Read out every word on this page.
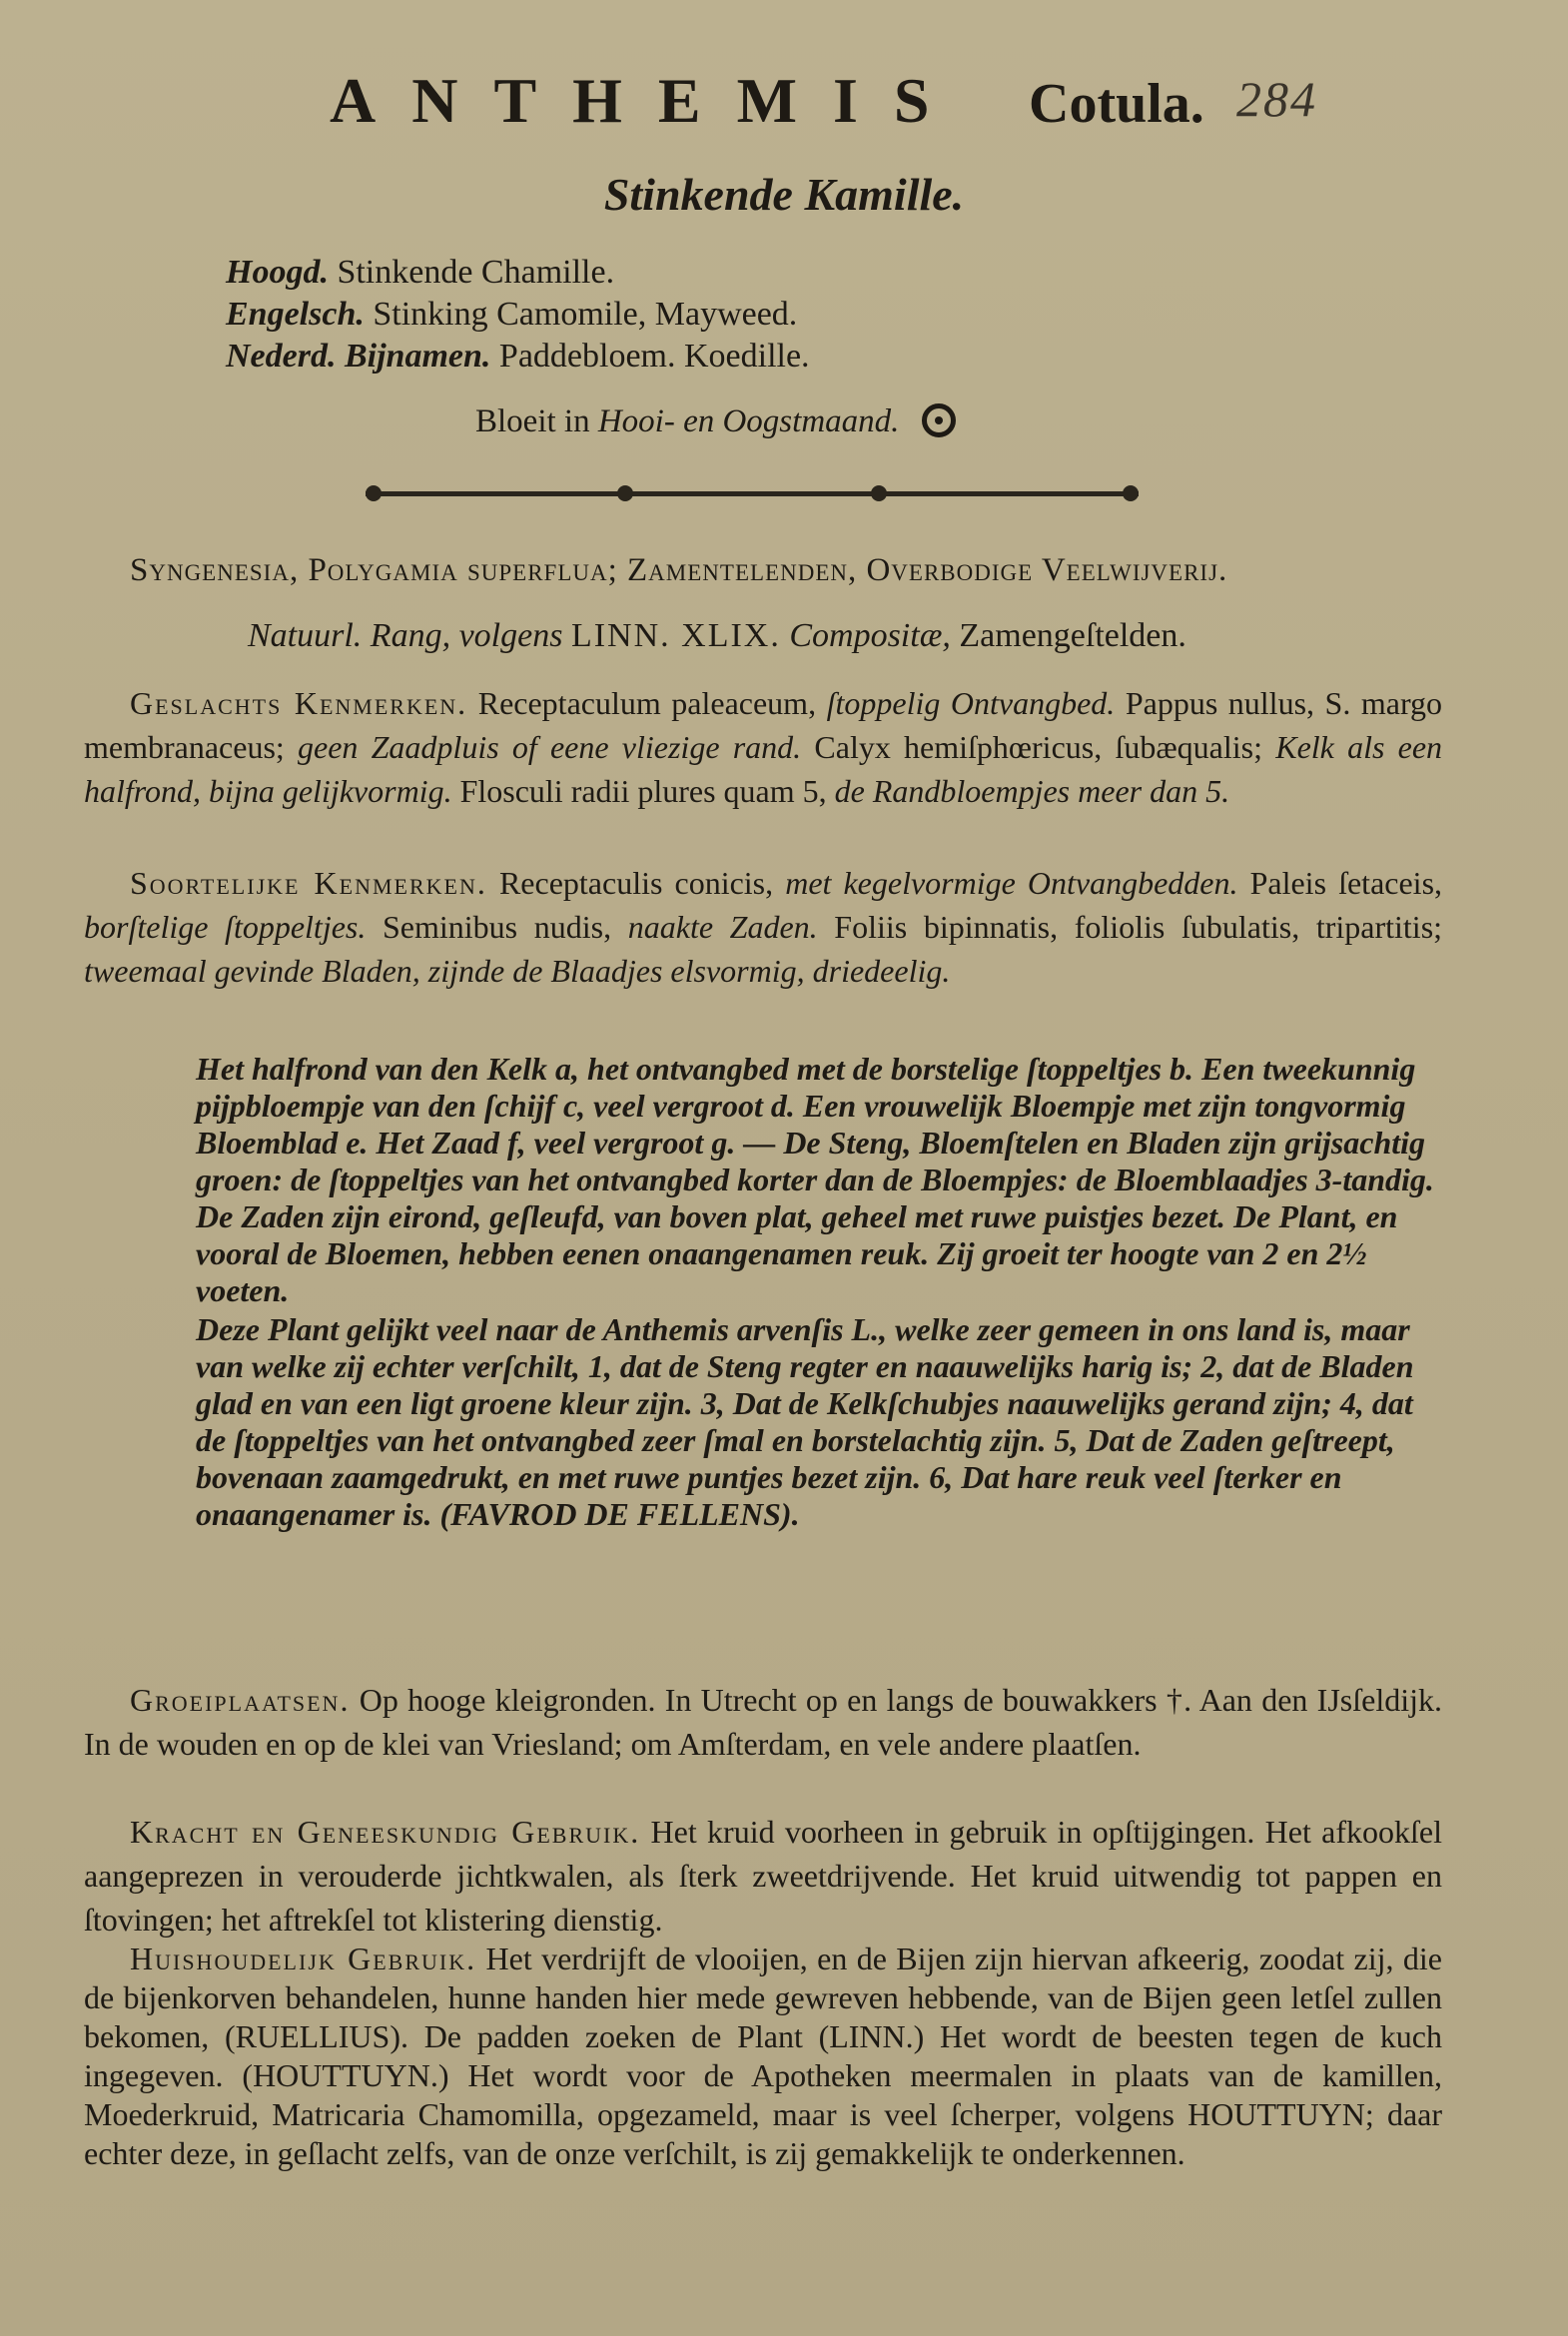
ANTHEMIS Cotula. 284
Stinkende Kamille.
Hoogd. Stinkende Chamille.
Engelsch. Stinking Camomile, Mayweed.
Nederd. Bijnamen. Paddebloem. Koedille.
Bloeit in Hooi- en Oogstmaand.
Syngenesia, Polygamia superflua; Zamentelenden, Overbodige Veelwijverij.
Natuurl. Rang, volgens LINN. XLIX. Compositæ, Zamengeſtelden.

Geslachts Kenmerken. Receptaculum paleaceum, ſtoppelig Ontvangbed. Pappus nullus, S. margo membranaceus; geen Zaadpluis of eene vliezige rand. Calyx hemiſphœricus, ſubæqualis; Kelk als een halfrond, bijna gelijkvormig. Flosculi radii plures quam 5, de Randbloempjes meer dan 5.

Soortelijke Kenmerken. Receptaculis conicis, met kegelvormige Ontvangbedden. Paleis ſetaceis, borſtelige ſtoppeltjes. Seminibus nudis, naakte Zaden. Foliis bipinnatis, foliolis ſubulatis, tripartitis; tweemaal gevinde Bladen, zijnde de Blaadjes elsvormig, driedeelig.

Het halfrond van den Kelk a, het ontvangbed met de borstelige ſtoppeltjes b. Een tweekunnig pijpbloempje van den ſchijf c, veel vergroot d. Een vrouwelijk Bloempje met zijn tongvormig Bloemblad e. Het Zaad f, veel vergroot g. — De Steng, Bloemſtelen en Bladen zijn grijsachtig groen: de ſtoppeltjes van het ontvangbed korter dan de Bloempjes: de Bloemblaadjes 3-tandig. De Zaden zijn eirond, geſleufd, van boven plat, geheel met ruwe puistjes bezet. De Plant, en vooral de Bloemen, hebben eenen onaangenamen reuk. Zij groeit ter hoogte van 2 en 2½ voeten.

Deze Plant gelijkt veel naar de Anthemis arvenſis L., welke zeer gemeen in ons land is, maar van welke zij echter verſchilt, 1, dat de Steng regter en naauwelijks harig is; 2, dat de Bladen glad en van een ligt groene kleur zijn. 3, Dat de Kelkſchubjes naauwelijks gerand zijn; 4, dat de ſtoppeltjes van het ontvangbed zeer ſmal en borstelachtig zijn. 5, Dat de Zaden geſtreept, bovenaan zaamgedrukt, en met ruwe puntjes bezet zijn. 6, Dat hare reuk veel ſterker en onaangenamer is. (FAVROD DE FELLENS).

Groeiplaatsen. Op hooge kleigronden. In Utrecht op en langs de bouwakkers †. Aan den IJsſeldijk. In de wouden en op de klei van Vriesland; om Amſterdam, en vele andere plaatſen.

Kracht en Geneeskundig Gebruik. Het kruid voorheen in gebruik in opſtijgingen. Het afkookſel aangeprezen in verouderde jichtkwalen, als ſterk zweetdrijvende. Het kruid uitwendig tot pappen en ſtovingen; het aftrekſel tot klistering dienstig.

Huishoudelijk Gebruik. Het verdrijft de vlooijen, en de Bijen zijn hiervan afkeerig, zoodat zij, die de bijenkorven behandelen, hunne handen hier mede gewreven hebbende, van de Bijen geen letſel zullen bekomen, (RUELLIUS). De padden zoeken de Plant (LINN.) Het wordt de beesten tegen de kuch ingegeven. (HOUTTUYN.) Het wordt voor de Apotheken meermalen in plaats van de kamillen, Moederkruid, Matricaria Chamomilla, opgezameld, maar is veel ſcherper, volgens HOUTTUYN; daar echter deze, in geſlacht zelfs, van de onze verſchilt, is zij gemakkelijk te onderkennen.
